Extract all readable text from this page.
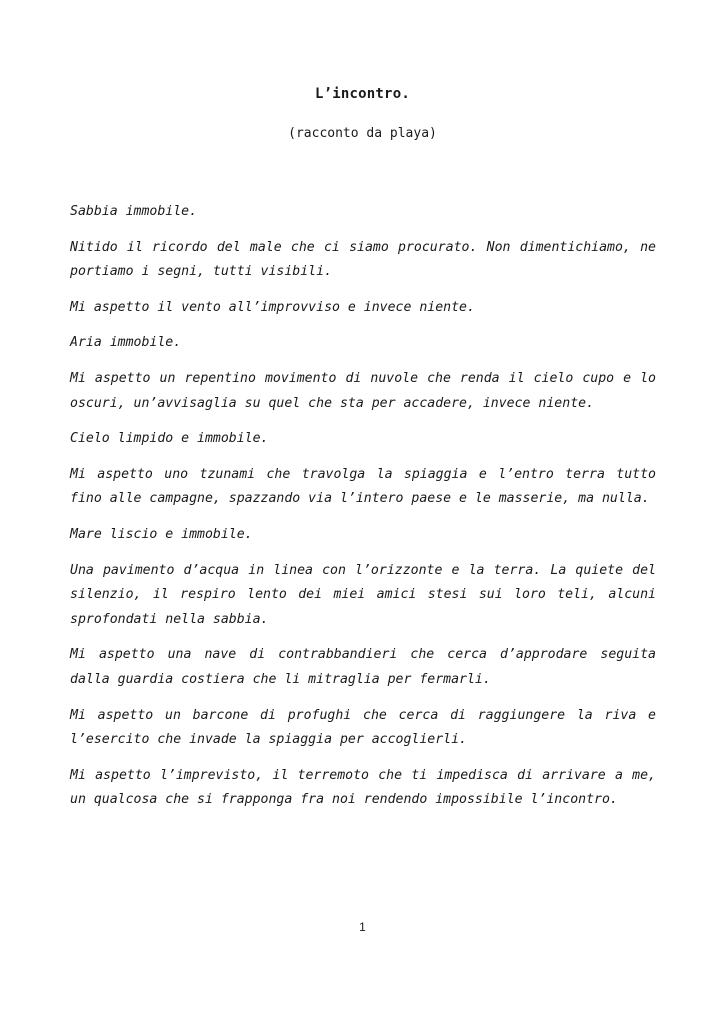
L’incontro.
(racconto da playa)

Sabbia immobile.

Nitido il ricordo del male che ci siamo procurato. Non dimentichiamo, ne portiamo i segni, tutti visibili.

Mi aspetto il vento all’improvviso e invece niente.

Aria immobile.

Mi aspetto un repentino movimento di nuvole che renda il cielo cupo e lo oscuri, un’avvisaglia su quel che sta per accadere, invece niente.

Cielo limpido e immobile.

Mi aspetto uno tzunami che travolga la spiaggia e l’entro terra tutto fino alle campagne, spazzando via l’intero paese e le masserie, ma nulla.

Mare liscio e immobile.

Una pavimento d’acqua in linea con l’orizzonte e la terra. La quiete del silenzio, il respiro lento dei miei amici stesi sui loro teli, alcuni sprofondati nella sabbia.

Mi aspetto una nave di contrabbandieri che cerca d’approdare seguita dalla guardia costiera che li mitraglia per fermarli.

Mi aspetto un barcone di profughi che cerca di raggiungere la riva e l’esercito che invade la spiaggia per accoglierli.

Mi aspetto l’imprevisto, il terremoto che ti impedisca di arrivare a me, un qualcosa che si frapponga fra noi rendendo impossibile l’incontro.

1
